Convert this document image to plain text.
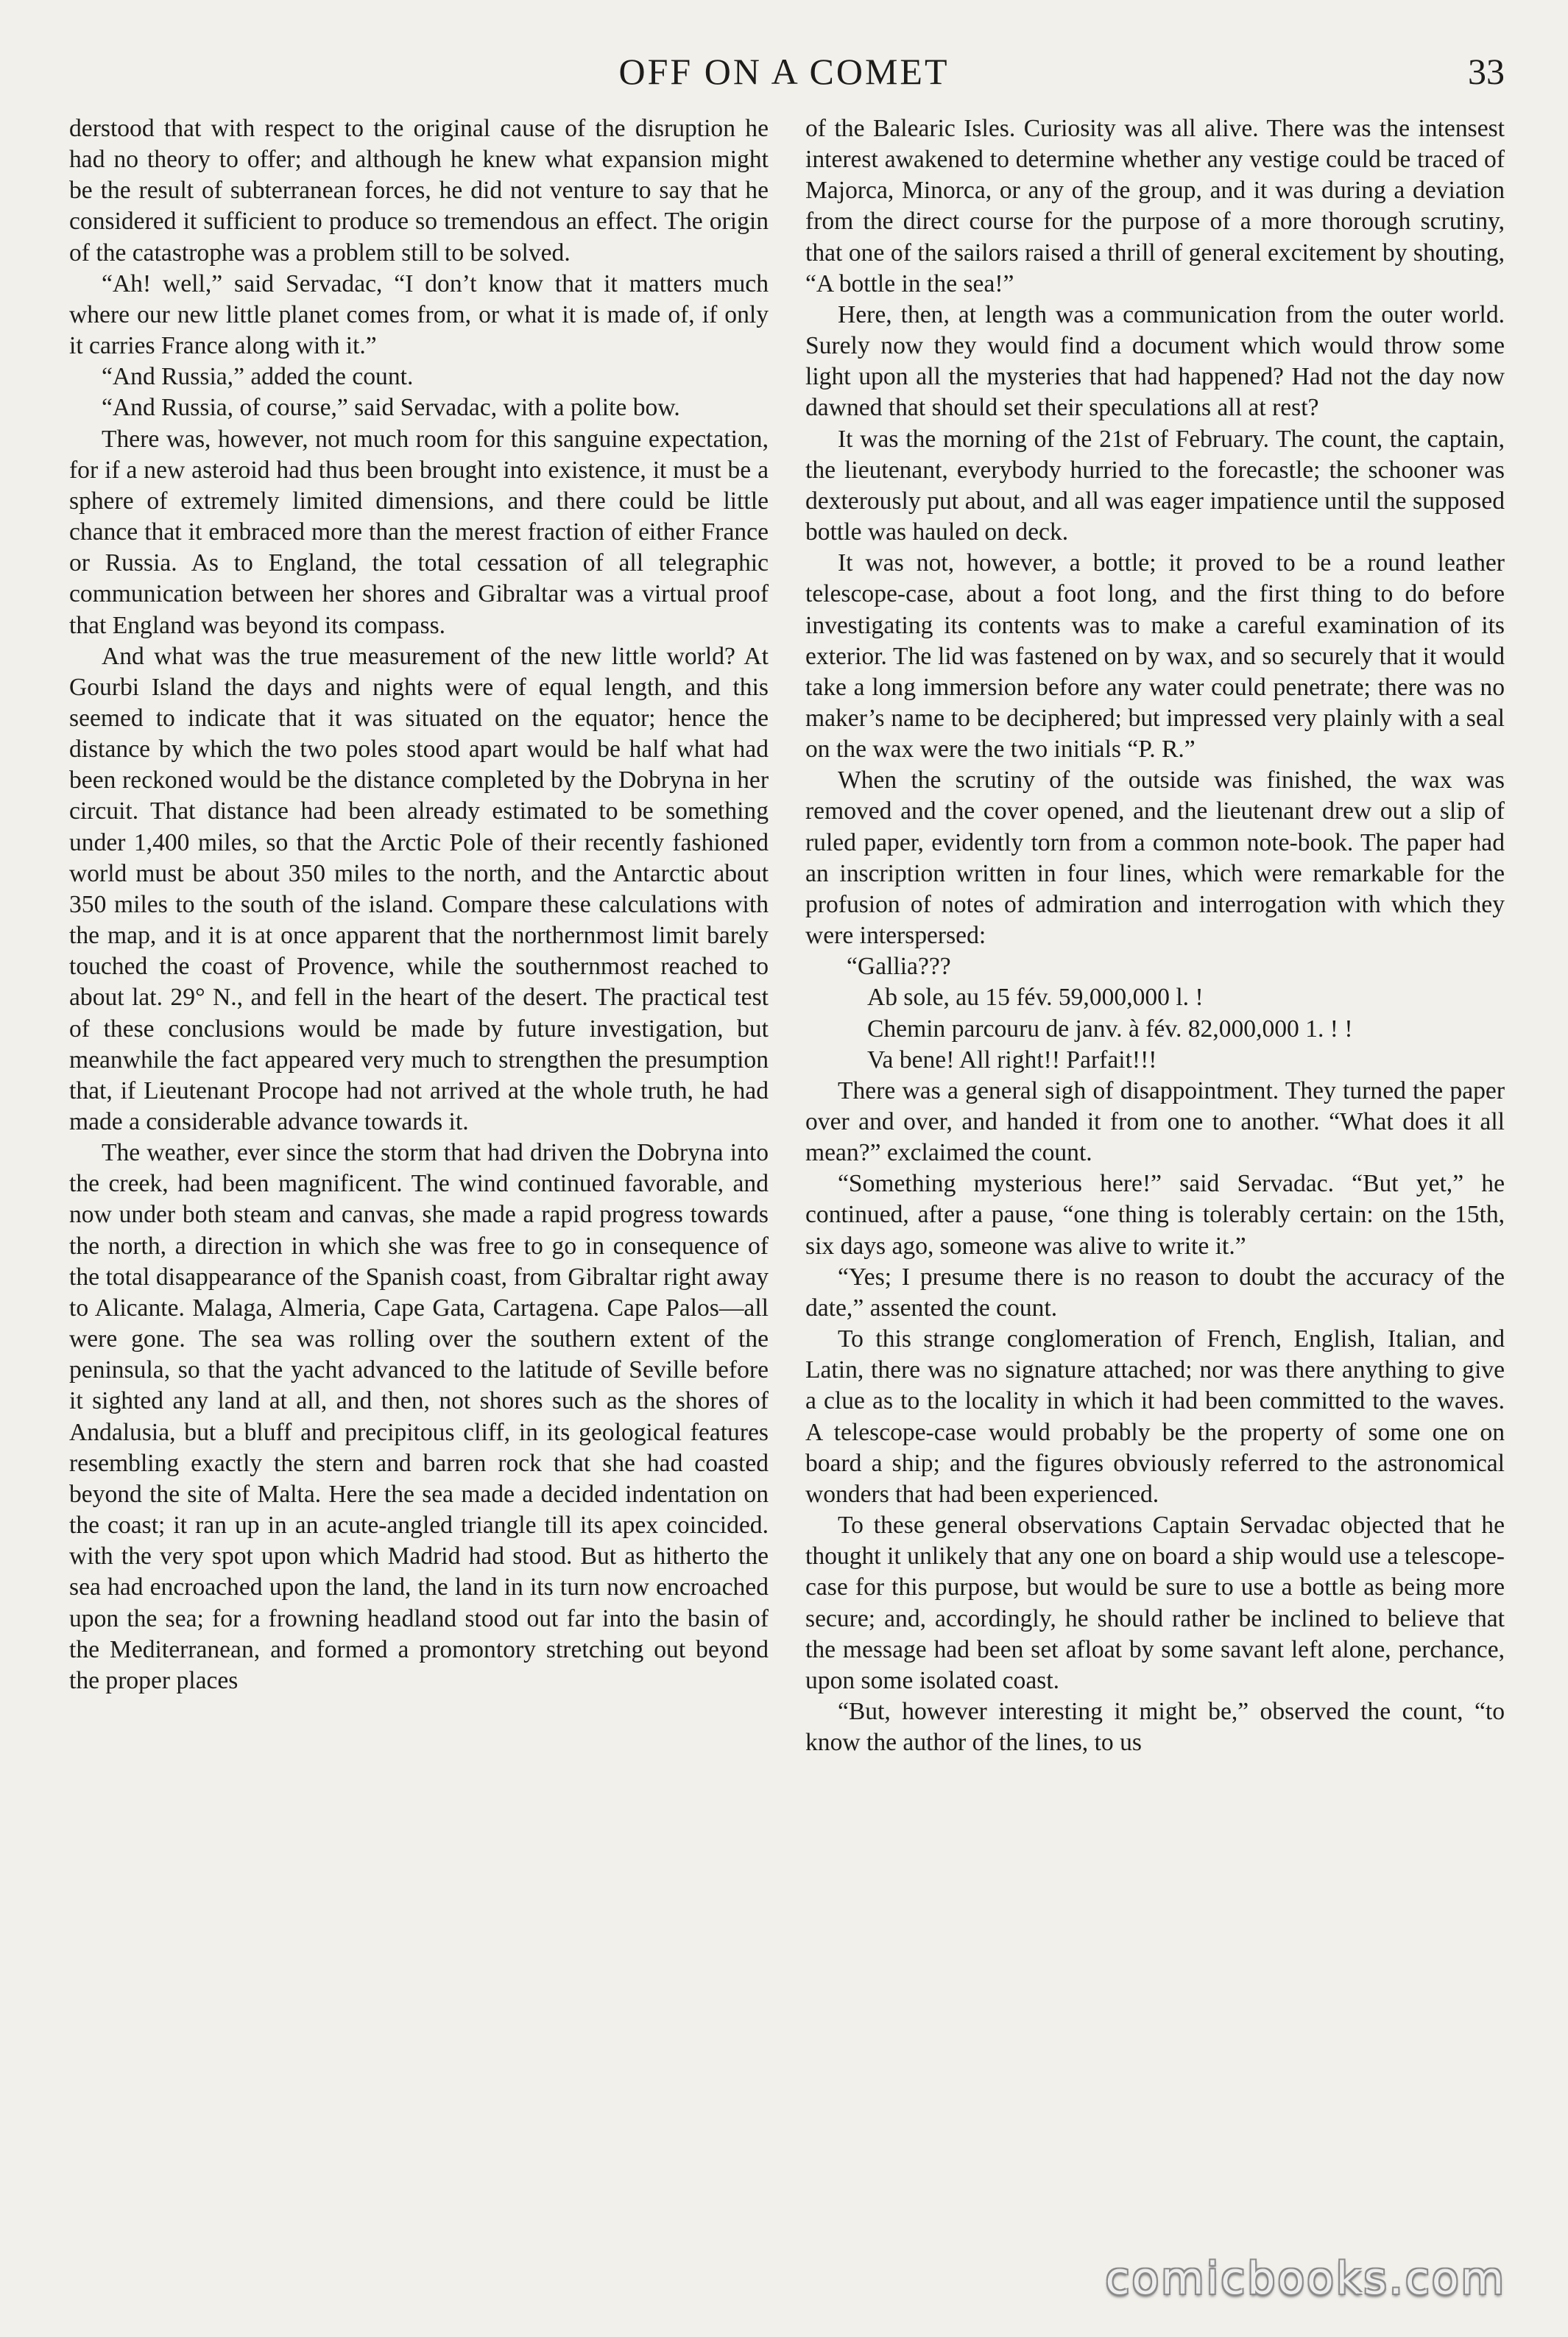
OFF ON A COMET	33

derstood that with respect to the original cause of the disruption he had no theory to offer; and although he knew what expansion might be the result of subterranean forces, he did not venture to say that he considered it sufficient to produce so tremendous an effect. The origin of the catastrophe was a problem still to be solved.

“Ah! well,” said Servadac, “I don’t know that it matters much where our new little planet comes from, or what it is made of, if only it carries France along with it.”

“And Russia,” added the count.

“And Russia, of course,” said Servadac, with a polite bow.

There was, however, not much room for this sanguine expectation, for if a new asteroid had thus been brought into existence, it must be a sphere of extremely limited dimensions, and there could be little chance that it embraced more than the merest fraction of either France or Russia. As to England, the total cessation of all telegraphic communication between her shores and Gibraltar was a virtual proof that England was beyond its compass.

And what was the true measurement of the new little world? At Gourbi Island the days and nights were of equal length, and this seemed to indicate that it was situated on the equator; hence the distance by which the two poles stood apart would be half what had been reckoned would be the distance completed by the Dobryna in her circuit. That distance had been already estimated to be something under 1,400 miles, so that the Arctic Pole of their recently fashioned world must be about 350 miles to the north, and the Antarctic about 350 miles to the south of the island. Compare these calculations with the map, and it is at once apparent that the northernmost limit barely touched the coast of Provence, while the southernmost reached to about lat. 29° N., and fell in the heart of the desert. The practical test of these conclusions would be made by future investigation, but meanwhile the fact appeared very much to strengthen the presumption that, if Lieutenant Procope had not arrived at the whole truth, he had made a considerable advance towards it.

The weather, ever since the storm that had driven the Dobryna into the creek, had been magnificent. The wind continued favorable, and now under both steam and canvas, she made a rapid progress towards the north, a direction in which she was free to go in consequence of the total disappearance of the Spanish coast, from Gibraltar right away to Alicante. Malaga, Almeria, Cape Gata, Cartagena. Cape Palos—all were gone. The sea was rolling over the southern extent of the peninsula, so that the yacht advanced to the latitude of Seville before it sighted any land at all, and then, not shores such as the shores of Andalusia, but a bluff and precipitous cliff, in its geological features resembling exactly the stern and barren rock that she had coasted beyond the site of Malta. Here the sea made a decided indentation on the coast; it ran up in an acute-angled triangle till its apex coincided. with the very spot upon which Madrid had stood. But as hitherto the sea had encroached upon the land, the land in its turn now encroached upon the sea; for a frowning headland stood out far into the basin of the Mediterranean, and formed a promontory stretching out beyond the proper places

of the Balearic Isles. Curiosity was all alive. There was the intensest interest awakened to determine whether any vestige could be traced of Majorca, Minorca, or any of the group, and it was during a deviation from the direct course for the purpose of a more thorough scrutiny, that one of the sailors raised a thrill of general excitement by shouting, “A bottle in the sea!”

Here, then, at length was a communication from the outer world. Surely now they would find a document which would throw some light upon all the mysteries that had happened? Had not the day now dawned that should set their speculations all at rest?

It was the morning of the 21st of February. The count, the captain, the lieutenant, everybody hurried to the forecastle; the schooner was dexterously put about, and all was eager impatience until the supposed bottle was hauled on deck.

It was not, however, a bottle; it proved to be a round leather telescope-case, about a foot long, and the first thing to do before investigating its contents was to make a careful examination of its exterior. The lid was fastened on by wax, and so securely that it would take a long immersion before any water could penetrate; there was no maker’s name to be deciphered; but impressed very plainly with a seal on the wax were the two initials “P. R.”

When the scrutiny of the outside was finished, the wax was removed and the cover opened, and the lieutenant drew out a slip of ruled paper, evidently torn from a common note-book. The paper had an inscription written in four lines, which were remarkable for the profusion of notes of admiration and interrogation with which they were interspersed:

“Gallia???

Ab sole, au 15 fév. 59,000,000 l. !

Chemin parcouru de janv. à fév. 82,000,000 1. ! !

Va bene! All right!! Parfait!!!

There was a general sigh of disappointment. They turned the paper over and over, and handed it from one to another. “What does it all mean?” exclaimed the count.

“Something mysterious here!” said Servadac. “But yet,” he continued, after a pause, “one thing is tolerably certain: on the 15th, six days ago, someone was alive to write it.”

“Yes; I presume there is no reason to doubt the accuracy of the date,” assented the count.

To this strange conglomeration of French, English, Italian, and Latin, there was no signature attached; nor was there anything to give a clue as to the locality in which it had been committed to the waves. A telescope-case would probably be the property of some one on board a ship; and the figures obviously referred to the astronomical wonders that had been experienced.

To these general observations Captain Servadac objected that he thought it unlikely that any one on board a ship would use a telescope-case for this purpose, but would be sure to use a bottle as being more secure; and, accordingly, he should rather be inclined to believe that the message had been set afloat by some savant left alone, perchance, upon some isolated coast.

“But, however interesting it might be,” observed the count, “to know the author of the lines, to us

comicbooks.com
